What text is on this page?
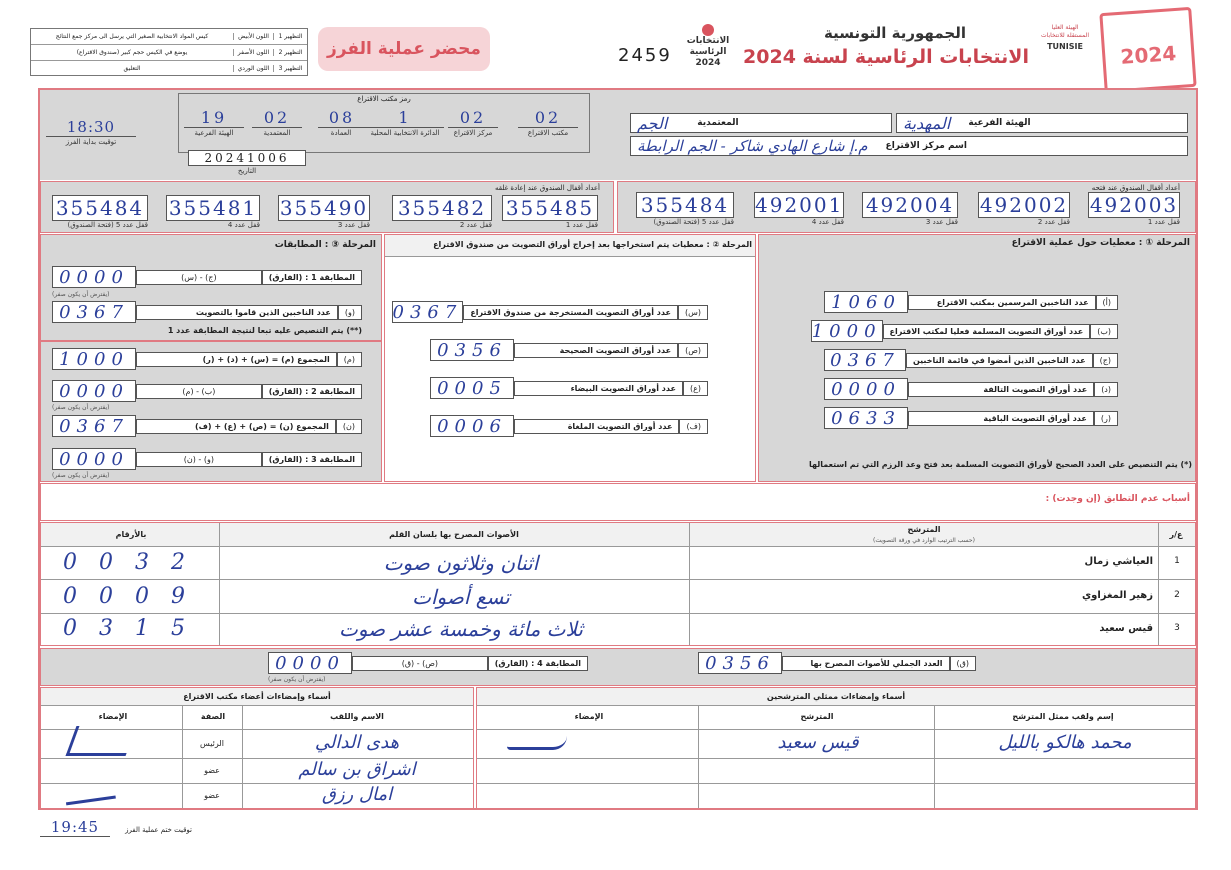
التظهير 1
اللون الأبيض
كيس المواد الانتخابية الصغير التي يرسل الى مركز جمع النتائج
التظهير 2
اللون الأصفر
يوضع في الكيس حجم كبير (صندوق الاقتراع)
التظهير 3
اللون الوردي
التعليق
محضر عملية الفرز	2459
الانتخابات الرئاسية 2024
الجمهورية التونسية
الانتخابات الرئاسية لسنة 2024
الهيئة العليا المستقلة للانتخابات
TUNISIE	2024
رمز مكتب الاقتراع
02
مكتب الاقتراع
02
مركز الاقتراع
1
الدائرة الانتخابية المحلية
08
العمادة
02
المعتمدية
19
الهيئة الفرعية
18:30
توقيت بداية الفرز
20241006
التاريخ
الهيئة الفرعية
المهدية
المعتمدية
الجم
اسم مركز الاقتراع
م.إ شارع الهادي شاكر - الجم الرابطة
أعداد أقفال الصندوق عند إعادة غلقه	أعداد أقفال الصندوق عند فتحه
355485
قفل عدد 1
355482
قفل عدد 2
355490
قفل عدد 3
355481
قفل عدد 4
355484
قفل عدد 5 (فتحة الصندوق)
492003
قفل عدد 1
492002
قفل عدد 2
492004
قفل عدد 3
492001
قفل عدد 4
355484
قفل عدد 5 (فتحة الصندوق)
المرحلة ① : معطيات حول عملية الاقتراع
(أ)
عدد الناخبين المرسمين بمكتب الاقتراع
1060
(ب)
عدد أوراق التصويت المسلمة فعليا لمكتب الاقتراع
1000
(ج)
عدد الناخبين الذين أمضوا في قائمة الناخبين
0367
(د)
عدد أوراق التصويت التالفة
0000
(ر)
عدد أوراق التصويت الباقية
0633
(*) يتم التنصيص على العدد الصحيح لأوراق التصويت المسلمة بعد فتح وعد الرزم التي تم استعمالها
المرحلة ② : معطيات يتم استخراجها بعد إخراج أوراق التصويت من صندوق الاقتراع
(س)
عدد أوراق التصويت المستخرجة من صندوق الاقتراع
0367
(ص)
عدد أوراق التصويت الصحيحة
0356
(ع)
عدد أوراق التصويت البيضاء
0005
(ف)
عدد أوراق التصويت الملغاة
0006
المرحلة ③ : المطابقات
المطابقة 1 : (الفارق)
(ج) - (س)
0000
(يفترض أن يكون صفر)
(و)
عدد الناخبين الذين قاموا بالتصويت
0367
(**) يتم التنصيص عليه تبعا لنتيجة المطابقة عدد 1
(م)
المجموع (م) = (س) + (د) + (ر)
1000
المطابقة 2 : (الفارق)
(ب) - (م)
0000
(يفترض أن يكون صفر)
(ن)
المجموع (ن) = (ص) + (ع) + (ف)
0367
المطابقة 3 : (الفارق)
(و) - (ن)
0000
(يفترض أن يكون صفر)
أسباب عدم التطابق (إن وجدت) :
ع/ر
المترشح
(حسب الترتيب الوارد في ورقة التصويت)
الأصوات المصرح بها بلسان القلم
بالأرقام
1
العياشي زمال
اثنان وثلاثون صوت
0032
2
زهير المغزاوي
تسع أصوات
0009
3
قيس سعيد
ثلاث مائة وخمسة عشر صوت
0315
(ق)
العدد الجملي للأصوات المصرح بها
0356
المطابقة 4 : (الفارق)
(ص) - (ق)
0000
(يفترض أن يكون صفر)
أسماء وإمضاءات ممثلي المترشحين
إسم ولقب ممثل المترشح
المترشح
الإمضاء
محمد هالكو بالليل
قيس سعيد
أسماء وإمضاءات أعضاء مكتب الاقتراع
الاسم واللقب
الصفة
الإمضاء
هدى الدالي
الرئيس
اشراق بن سالم
عضو
امال رزق
عضو
19:45	توقيت ختم عملية الفرز
